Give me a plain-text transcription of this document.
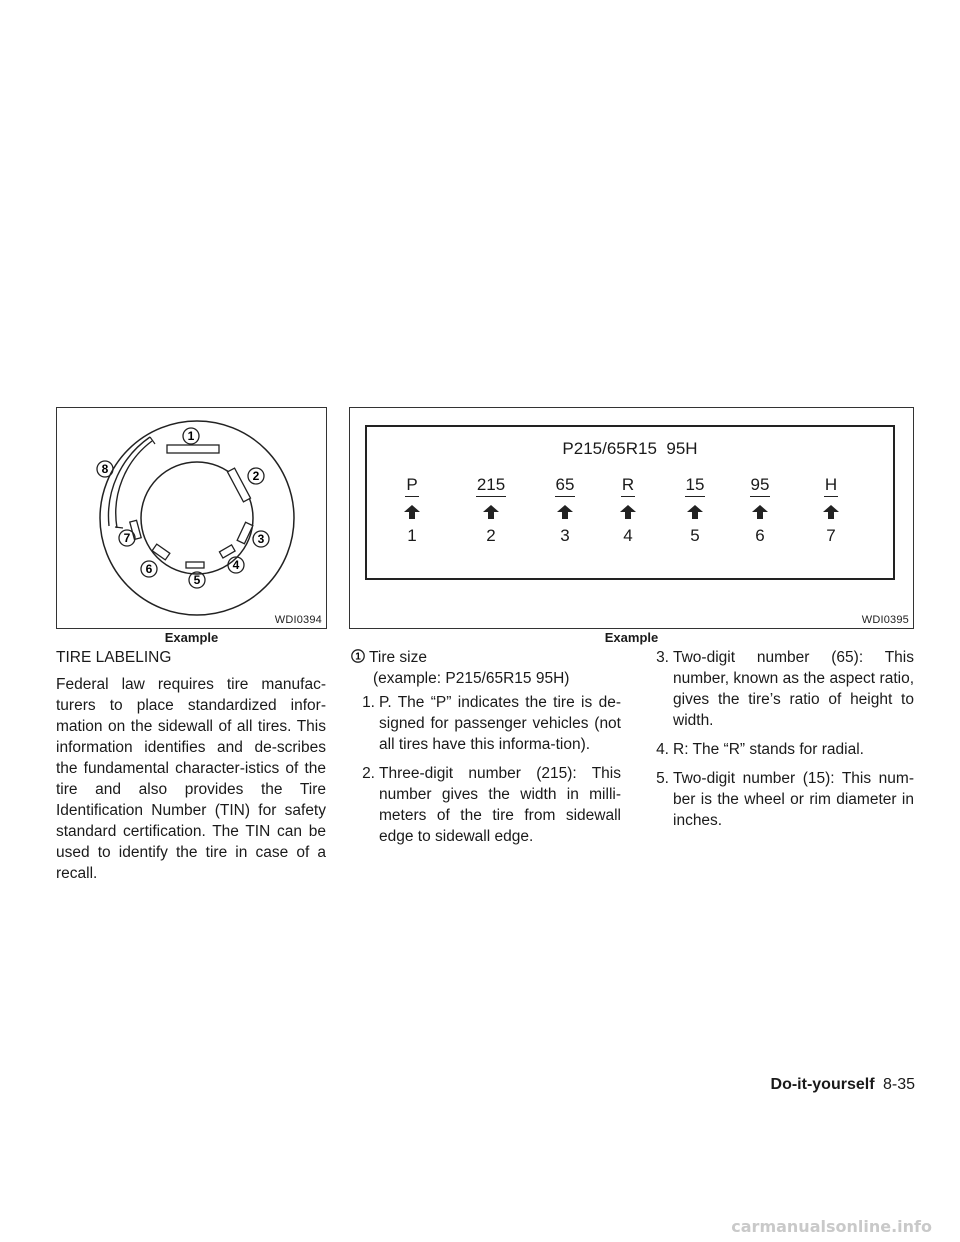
1
2
3
4
5
6
7
8
WDI0394
Example
P215/65R15  95H
P
1
215
2
65
3
R
4
15
5
95
6
H
7
WDI0395
Example
TIRE LABELING

Federal law requires tire manufac-turers to place standardized infor-mation on the sidewall of all tires. This information identifies and de-scribes the fundamental character-istics of the tire and also provides the Tire Identification Number (TIN) for safety standard certification. The TIN can be used to identify the tire in case of a recall.

1 Tire size

(example: P215/65R15 95H)

1. P. The “P” indicates the tire is de-signed for passenger vehicles (not all tires have this informa-tion).
2. Three-digit number (215): This number gives the width in milli-meters of the tire from sidewall edge to sidewall edge.
3. Two-digit number (65): This number, known as the aspect ratio, gives the tire’s ratio of height to width.
4. R: The “R” stands for radial.
5. Two-digit number (15): This num-ber is the wheel or rim diameter in inches.
Do-it-yourself 8-35
carmanualsonline.info
